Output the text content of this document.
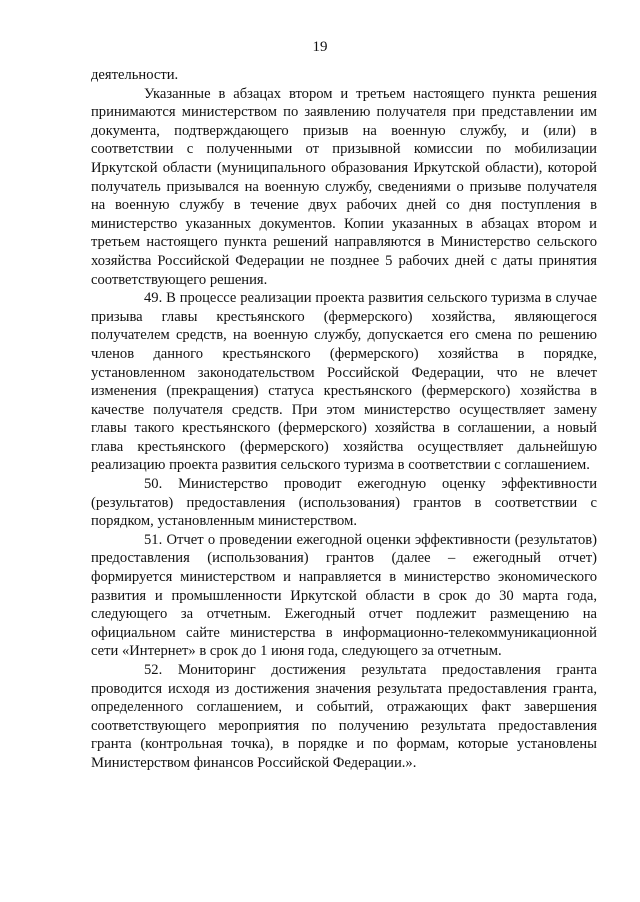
19

деятельности.

Указанные в абзацах втором и третьем настоящего пункта решения принимаются министерством по заявлению получателя при представлении им документа, подтверждающего призыв на военную службу, и (или) в соответствии с полученными от призывной комиссии по мобилизации Иркутской области (муниципального образования Иркутской области), которой получатель призывался на военную службу, сведениями о призыве получателя на военную службу в течение двух рабочих дней со дня поступления в министерство указанных документов. Копии указанных в абзацах втором и третьем настоящего пункта решений направляются в Министерство сельского хозяйства Российской Федерации не позднее 5 рабочих дней с даты принятия соответствующего решения.

49. В процессе реализации проекта развития сельского туризма в случае призыва главы крестьянского (фермерского) хозяйства, являющегося получателем средств, на военную службу, допускается его смена по решению членов данного крестьянского (фермерского) хозяйства в порядке, установленном законодательством Российской Федерации, что не влечет изменения (прекращения) статуса крестьянского (фермерского) хозяйства в качестве получателя средств. При этом министерство осуществляет замену главы такого крестьянского (фермерского) хозяйства в соглашении, а новый глава крестьянского (фермерского) хозяйства осуществляет дальнейшую реализацию проекта развития сельского туризма в соответствии с соглашением.

50. Министерство проводит ежегодную оценку эффективности (результатов) предоставления (использования) грантов в соответствии с порядком, установленным министерством.

51. Отчет о проведении ежегодной оценки эффективности (результатов) предоставления (использования) грантов (далее – ежегодный отчет) формируется министерством и направляется в министерство экономического развития и промышленности Иркутской области в срок до 30 марта года, следующего за отчетным. Ежегодный отчет подлежит размещению на официальном сайте министерства в информационно-телекоммуникационной сети «Интернет» в срок до 1 июня года, следующего за отчетным.

52. Мониторинг достижения результата предоставления гранта проводится исходя из достижения значения результата предоставления гранта, определенного соглашением, и событий, отражающих факт завершения соответствующего мероприятия по получению результата предоставления гранта (контрольная точка), в порядке и по формам, которые установлены Министерством финансов Российской Федерации.».
